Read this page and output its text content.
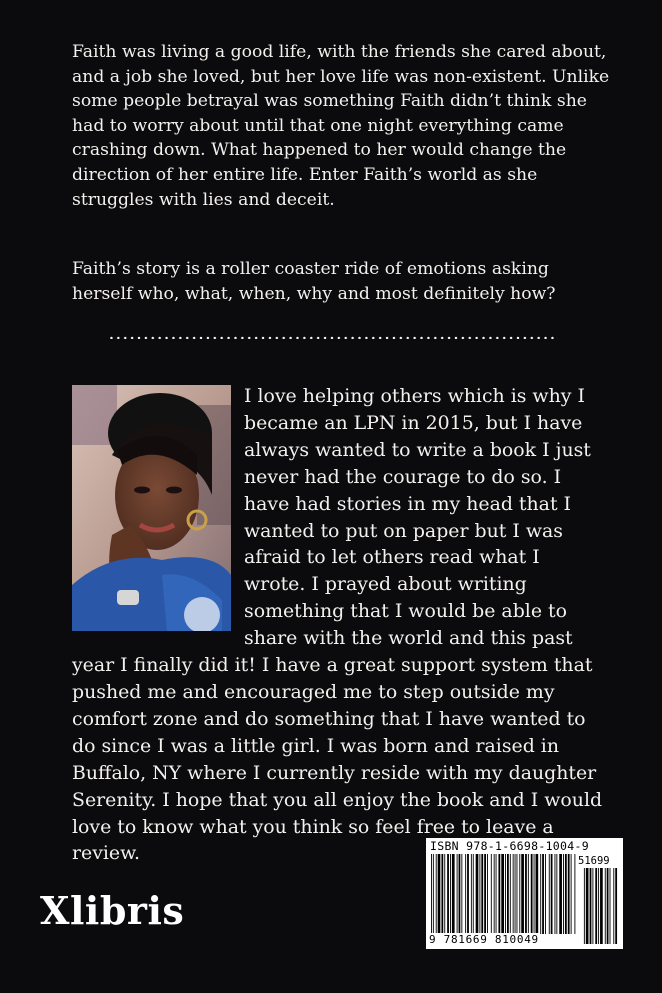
Faith was living a good life, with the friends she cared about, and a job she loved, but her love life was non-existent. Unlike some people betrayal was something Faith didn’t think she had to worry about until that one night everything came crashing down. What happened to her would change the direction of her entire life. Enter Faith’s world as she struggles with lies and deceit.

Faith’s story is a roller coaster ride of emotions asking herself who, what, when, why and most definitely how?

I love helping others which is why I became an LPN in 2015, but I have always wanted to write a book I just never had the courage to do so. I have had stories in my head that I wanted to put on paper but I was afraid to let others read what I wrote. I prayed about writing something that I would be able to share with the world and this past year I finally did it! I have a great support system that pushed me and encouraged me to step outside my comfort zone and do something that I have wanted to do since I was a little girl. I was born and raised in Buffalo, NY where I currently reside with my daughter Serenity. I hope that you all enjoy the book and I would love to know what you think so feel free to leave a review.

Xlibris
ISBN 978-1-6698-1004-9
51699
9 781669 810049
